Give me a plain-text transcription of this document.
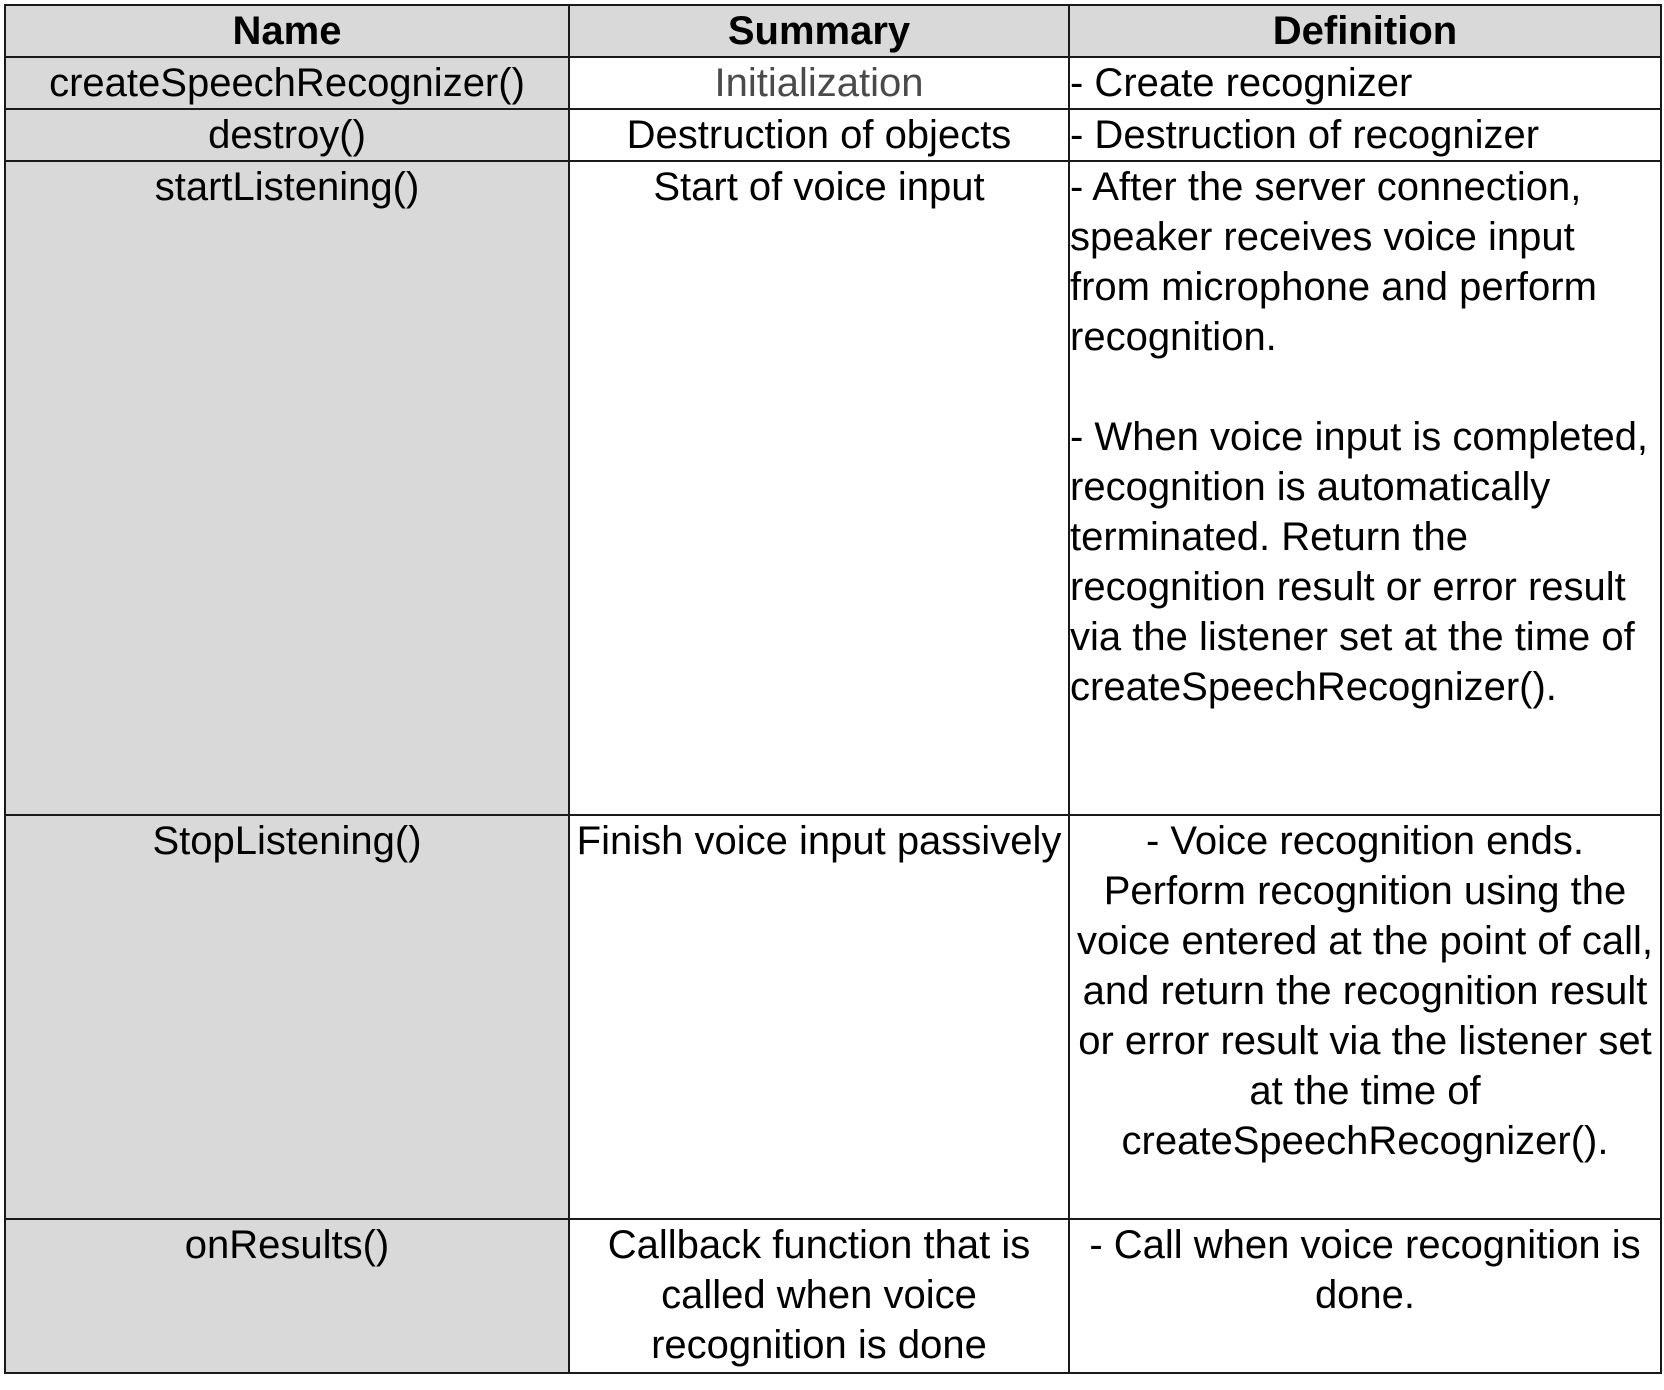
Name	Summary	Definition
createSpeechRecognizer()	Initialization	- Create recognizer

destroy()	Destruction of objects	- Destruction of recognizer

startListening()	Start of voice input	- After the server connection, speaker receives voice input from microphone and perform recognition.
- When voice input is completed, recognition is automatically terminated. Return the recognition result or error result via the listener set at the time of createSpeechRecognizer().

StopListening()	Finish voice input passively	- Voice recognition ends. Perform recognition using the voice entered at the point of call, and return the recognition result or error result via the listener set at the time of createSpeechRecognizer().

onResults()	Callback function that is called when voice recognition is done	- Call when voice recognition is done.
